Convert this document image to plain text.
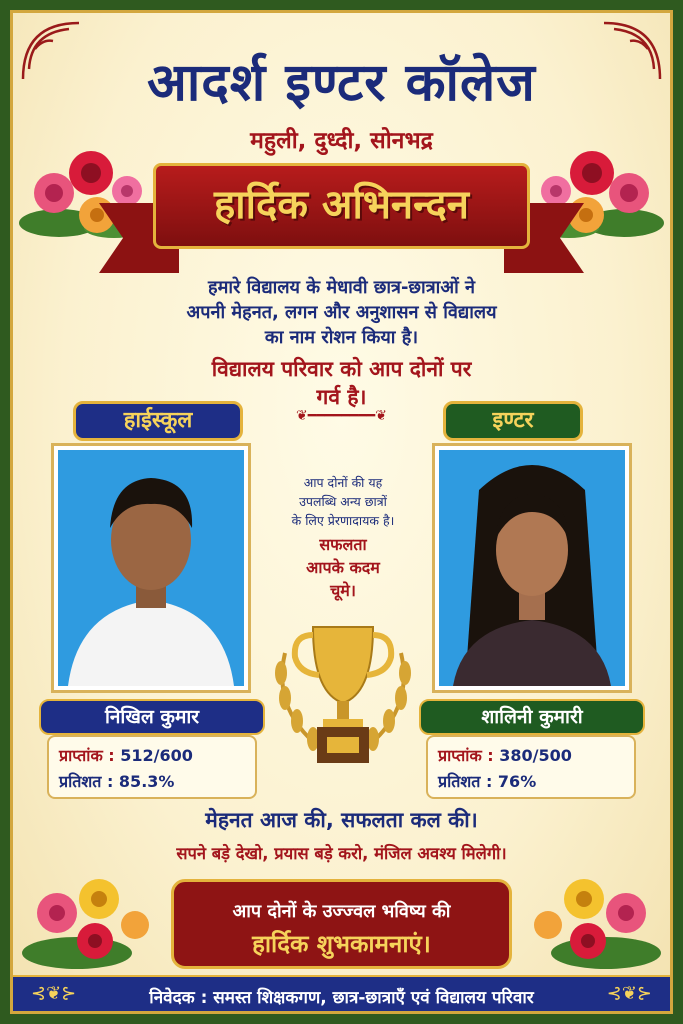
आदर्श इण्टर कॉलेज
महुली, दुध्दी, सोनभद्र
हार्दिक अभिनन्दन
हमारे विद्यालय के मेधावी छात्र-छात्राओं ने
अपनी मेहनत, लगन और अनुशासन से विद्यालय
का नाम रोशन किया है।
विद्यालय परिवार को आप दोनों पर
गर्व है।
हाईस्कूल	❦━━━━━━━━❦	इण्टर
आप दोनों की यह
उपलब्धि अन्य छात्रों
के लिए प्रेरणादायक है।
सफलता
आपके कदम
चूमे।
निखिल कुमार	शालिनी कुमारी
प्राप्तांक : 512/600
प्रतिशत : 85.3%
प्राप्तांक : 380/500
प्रतिशत : 76%
मेहनत आज की, सफलता कल की।
सपने बड़े देखो, प्रयास बड़े करो, मंजिल अवश्य मिलेगी।
आप दोनों के उज्ज्वल भविष्य की
हार्दिक शुभकामनाएं।
⊰❦⊱	⊰❦⊱
निवेदक : समस्त शिक्षकगण, छात्र-छात्राएँ एवं विद्यालय परिवार
